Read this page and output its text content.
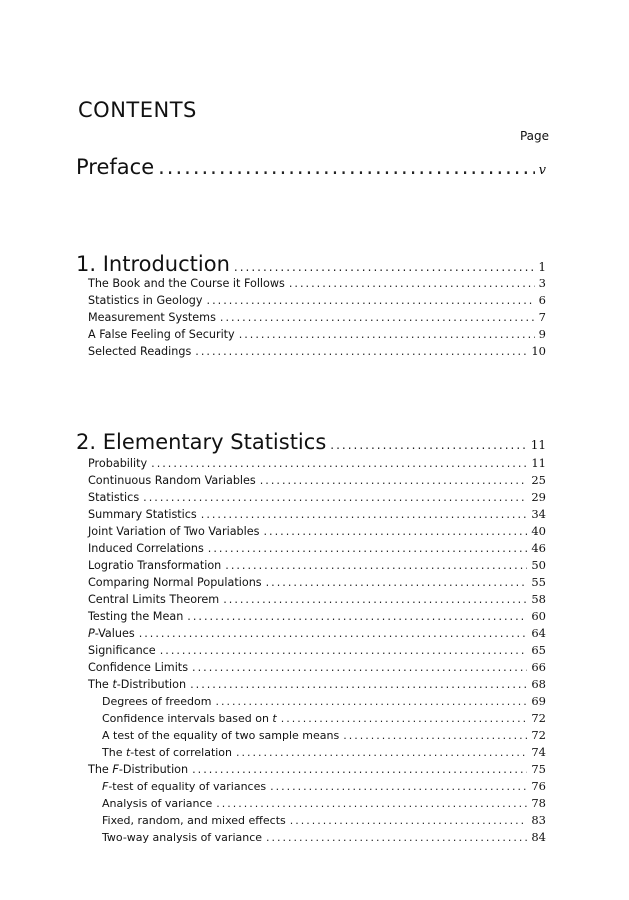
CONTENTS
Page
Preface .....	v
1. Introduction .....	1
The Book and the Course it Follows .....	3
Statistics in Geology .....	6
Measurement Systems .....	7
A False Feeling of Security .....	9
Selected Readings .....	10
2. Elementary Statistics .....	11
Probability .....	11
Continuous Random Variables .....	25
Statistics .....	29
Summary Statistics .....	34
Joint Variation of Two Variables .....	40
Induced Correlations .....	46
Logratio Transformation .....	50
Comparing Normal Populations .....	55
Central Limits Theorem .....	58
Testing the Mean .....	60
P-Values .....	64
Significance .....	65
Confidence Limits .....	66
The t-Distribution .....	68
Degrees of freedom .....	69
Confidence intervals based on t .....	72
A test of the equality of two sample means .....	72
The t-test of correlation .....	74
The F-Distribution .....	75
F-test of equality of variances .....	76
Analysis of variance .....	78
Fixed, random, and mixed effects .....	83
Two-way analysis of variance .....	84
